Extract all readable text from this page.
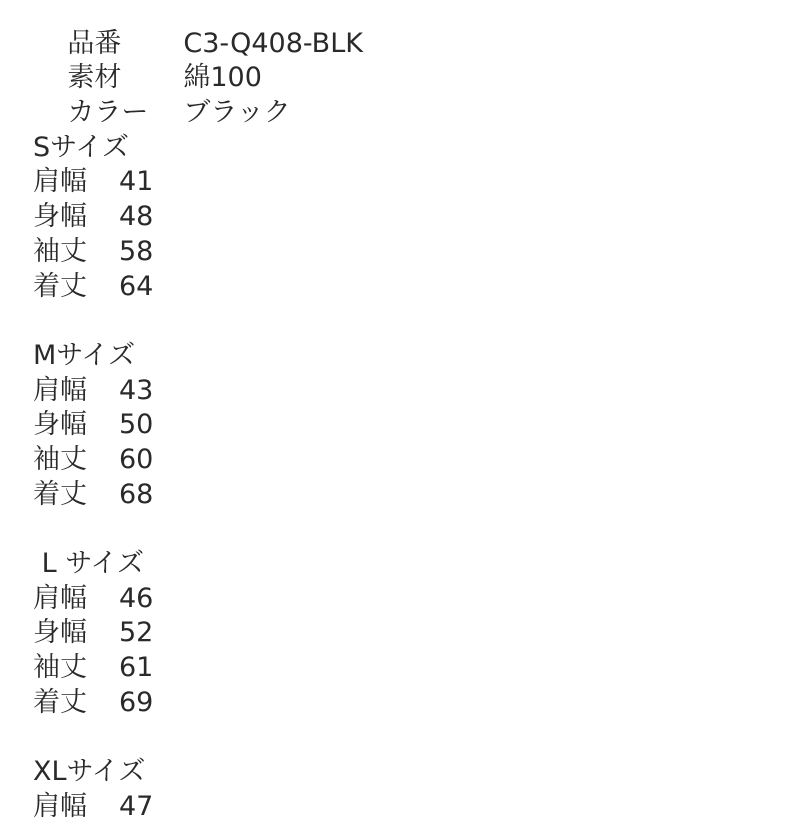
品番 C3-Q408-BLK

素材 綿100

カラー ブラック

Sサイズ
肩幅 41
身幅 48
袖丈 58
着丈 64
Mサイズ
肩幅 43
身幅 50
袖丈 60
着丈 68
L サイズ
肩幅 46
身幅 52
袖丈 61
着丈 69
XLサイズ
肩幅 47
